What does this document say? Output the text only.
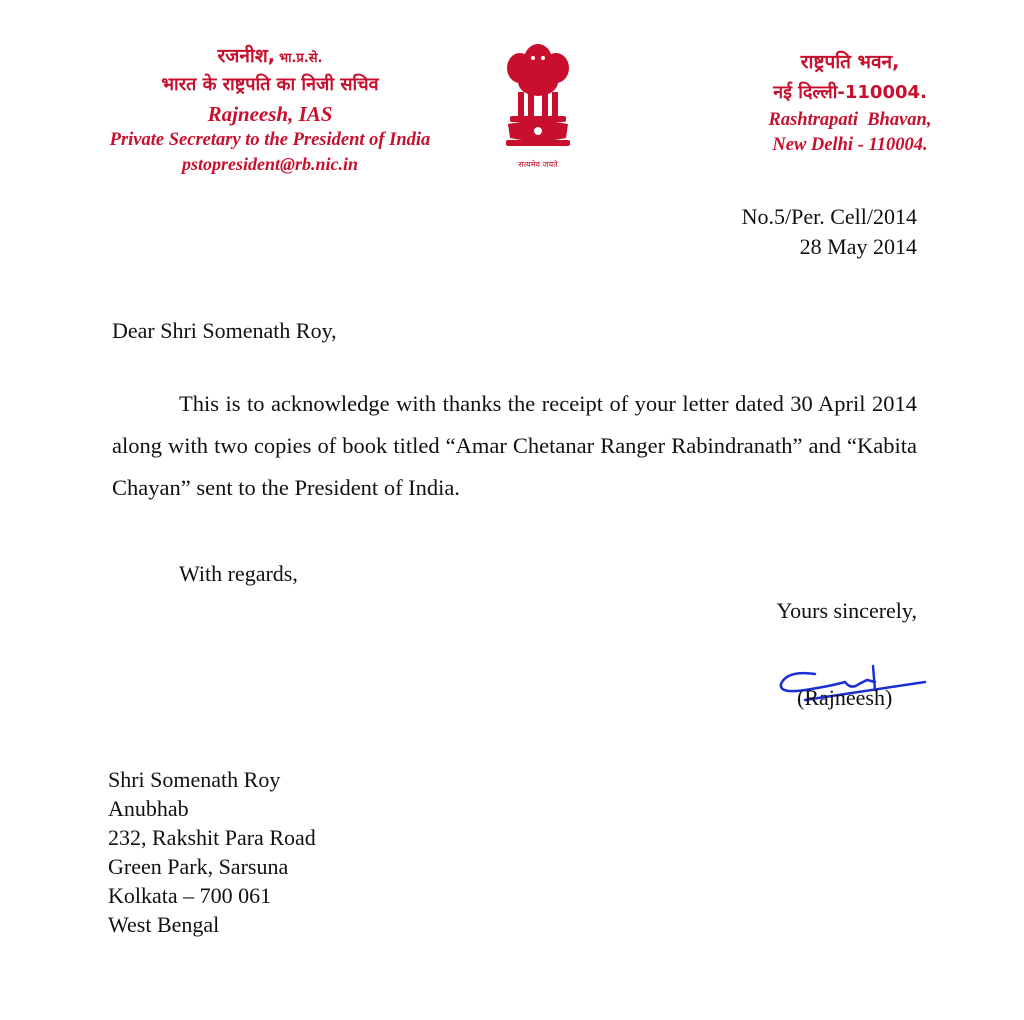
रजनीश, भा.प्र.से.
भारत के राष्ट्रपति का निजी सचिव
Rajneesh, IAS
Private Secretary to the President of India
pstopresident@rb.nic.in	सत्यमेव जयते
राष्ट्रपति भवन,
नई दिल्ली-110004.
Rashtrapati  Bhavan,
New Delhi - 110004.
No.5/Per. Cell/2014
28 May 2014
Dear Shri Somenath Roy,
This is to acknowledge with thanks the receipt of your letter dated 30 April 2014 along with two copies of book titled “Amar Chetanar Ranger Rabindranath” and “Kabita Chayan” sent to the President of India.
With regards,
Yours sincerely,
(Rajneesh)
Shri Somenath Roy
Anubhab
232, Rakshit Para Road
Green Park, Sarsuna
Kolkata – 700 061
West Bengal
